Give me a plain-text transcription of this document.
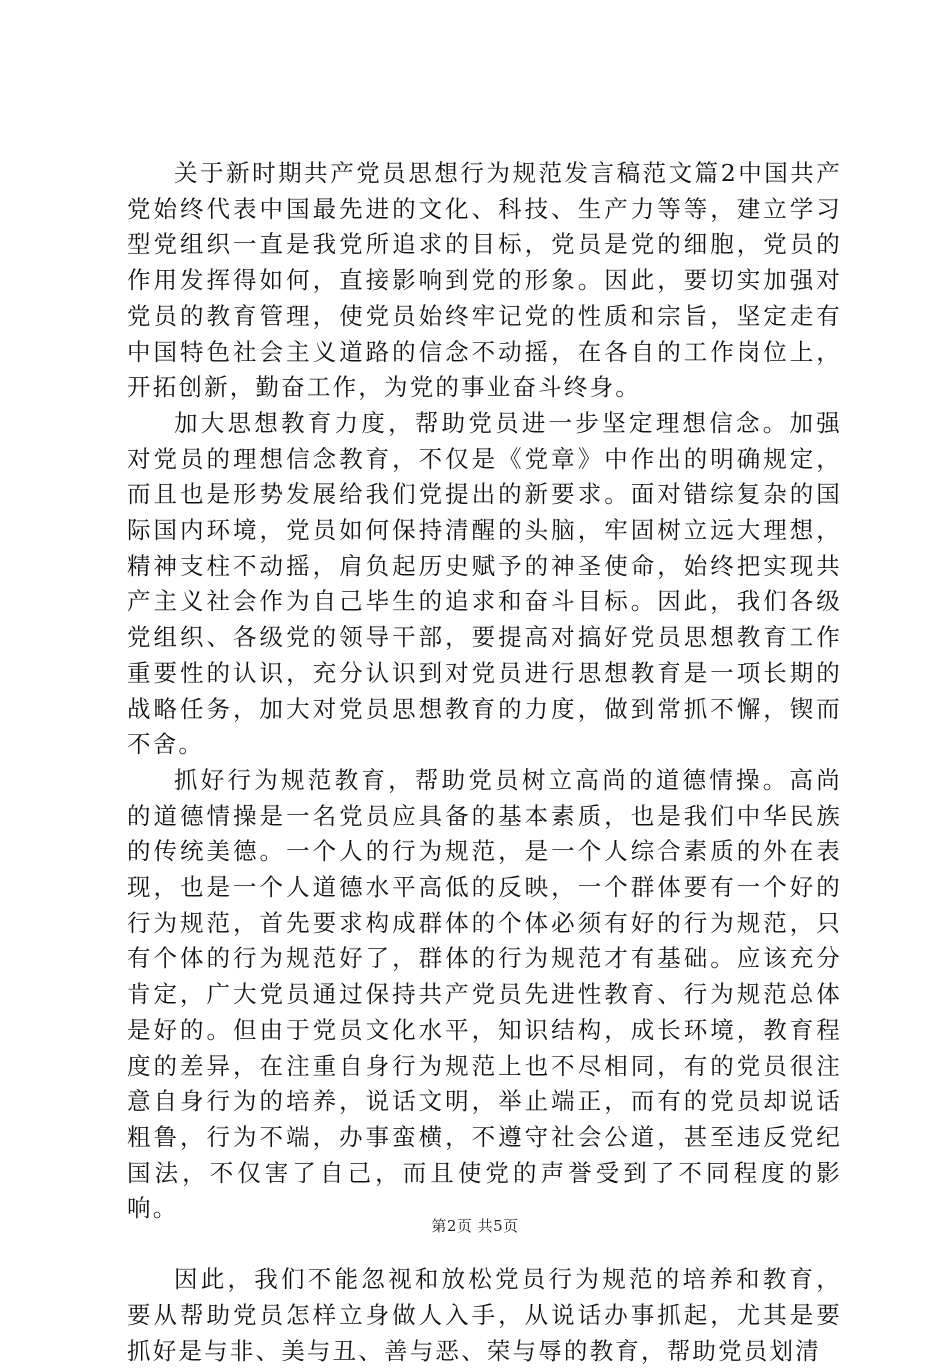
关于新时期共产党员思想行为规范发言稿范文篇2中国共产党始终代表中国最先进的文化、科技、生产力等等，建立学习型党组织一直是我党所追求的目标，党员是党的细胞，党员的作用发挥得如何，直接影响到党的形象。因此，要切实加强对党员的教育管理，使党员始终牢记党的性质和宗旨，坚定走有中国特色社会主义道路的信念不动摇，在各自的工作岗位上，开拓创新，勤奋工作，为党的事业奋斗终身。

加大思想教育力度，帮助党员进一步坚定理想信念。加强对党员的理想信念教育，不仅是《党章》中作出的明确规定，而且也是形势发展给我们党提出的新要求。面对错综复杂的国际国内环境，党员如何保持清醒的头脑，牢固树立远大理想，精神支柱不动摇，肩负起历史赋予的神圣使命，始终把实现共产主义社会作为自己毕生的追求和奋斗目标。因此，我们各级党组织、各级党的领导干部，要提高对搞好党员思想教育工作重要性的认识，充分认识到对党员进行思想教育是一项长期的战略任务，加大对党员思想教育的力度，做到常抓不懈，锲而不舍。

抓好行为规范教育，帮助党员树立高尚的道德情操。高尚的道德情操是一名党员应具备的基本素质，也是我们中华民族的传统美德。一个人的行为规范，是一个人综合素质的外在表现，也是一个人道德水平高低的反映，一个群体要有一个好的行为规范，首先要求构成群体的个体必须有好的行为规范，只有个体的行为规范好了，群体的行为规范才有基础。应该充分肯定，广大党员通过保持共产党员先进性教育、行为规范总体是好的。但由于党员文化水平，知识结构，成长环境，教育程度的差异，在注重自身行为规范上也不尽相同，有的党员很注意自身行为的培养，说话文明，举止端正，而有的党员却说话粗鲁，行为不端，办事蛮横，不遵守社会公道，甚至违反党纪国法，不仅害了自己，而且使党的声誉受到了不同程度的影响。

因此，我们不能忽视和放松党员行为规范的培养和教育，要从帮助党员怎样立身做人入手，从说话办事抓起，尤其是要抓好是与非、美与丑、善与恶、荣与辱的教育，帮助党员划清

第2页 共5页
